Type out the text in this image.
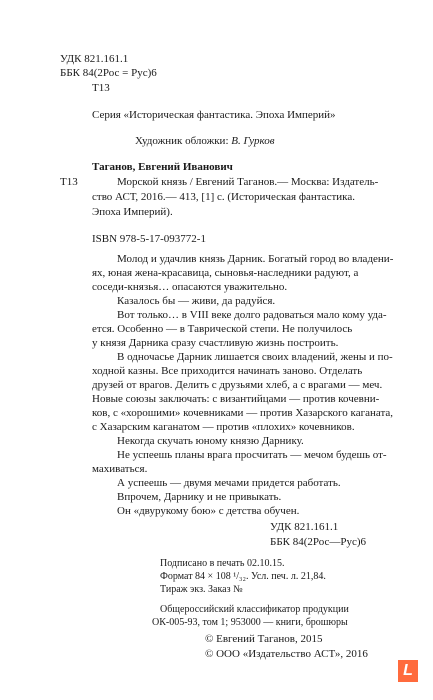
УДК 821.161.1
ББК 84(2Рос = Рус)6
Т13
Серия «Историческая фантастика. Эпоха Империй»
Художник обложки: В. Гурков
Таганов, Евгений Иванович
Т13	Морской князь / Евгений Таганов.— Москва: Издатель-
ство АСТ, 2016.— 413, [1] с. (Историческая фантастика.
Эпоха Империй).
ISBN 978-5-17-093772-1
Молод и удачлив князь Дарник. Богатый город во владени-
ях, юная жена-красавица, сыновья-наследники радуют, а
соседи-князья… опасаются уважительно.
Казалось бы — живи, да радуйся.
Вот только… в VIII веке долго радоваться мало кому уда-
ется. Особенно — в Таврической степи. Не получилось
у князя Дарника сразу счастливую жизнь построить.
В одночасье Дарник лишается своих владений, жены и по-
ходной казны. Все приходится начинать заново. Отделать
друзей от врагов. Делить с друзьями хлеб, а с врагами — меч.
Новые союзы заключать: с византийцами — против кочевни-
ков, с «хорошими» кочевниками — против Хазарского каганата,
с Хазарским каганатом — против «плохих» кочевников.
Некогда скучать юному князю Дарнику.
Не успеешь планы врага просчитать — мечом будешь от-
махиваться.
А успеешь — двумя мечами придется работать.
Впрочем, Дарнику и не привыкать.
Он «двурукому бою» с детства обучен.
УДК 821.161.1
ББК 84(2Рос—Рус)6
Подписано в печать 02.10.15.
Формат 84 × 108 ¹/₃₂. Усл. печ. л. 21,84.
Тираж экз. Заказ №
Общероссийский классификатор продукции
ОК-005-93, том 1; 953000 — книги, брошюры
© Евгений Таганов, 2015
© ООО «Издательство АСТ», 2016
L
